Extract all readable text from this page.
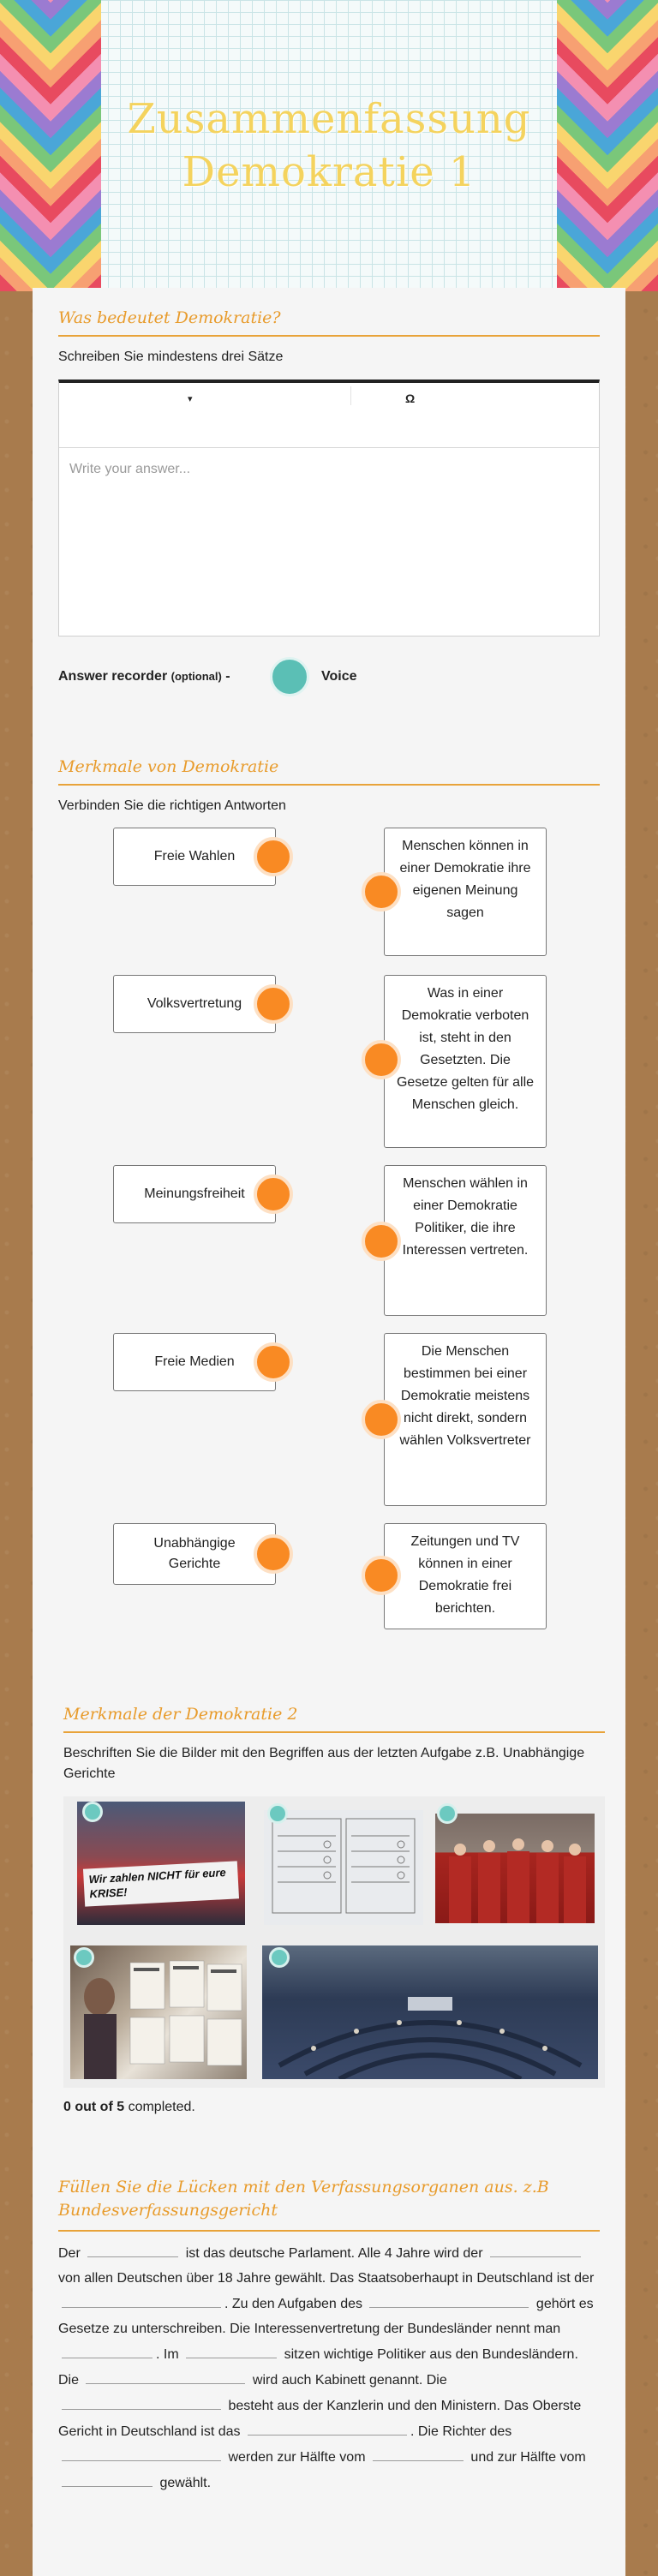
Zusammenfassung Demokratie 1
Was bedeutet Demokratie?
Schreiben Sie mindestens drei Sätze
▾	Ω
Write your answer...
Answer recorder (optional) -	Voice
Merkmale von Demokratie
Verbinden Sie die richtigen Antworten
Freie Wahlen
Menschen können in einer Demokratie ihre eigenen Meinung sagen
Volksvertretung
Was in einer Demokratie verboten ist, steht in den Gesetzten. Die Gesetze gelten für alle Menschen gleich.
Meinungsfreiheit
Menschen wählen in einer Demokratie Politiker, die ihre Interessen vertreten.
Freie Medien
Die Menschen bestimmen bei einer Demokratie meistens nicht direkt, sondern wählen Volksvertreter
Unabhängige Gerichte
Zeitungen und TV können in einer Demokratie frei berichten.
Merkmale der Demokratie 2
Beschriften Sie die Bilder mit den Begriffen aus der letzten Aufgabe z.B. Unabhängige Gerichte
Wir zahlen NICHT für eure KRISE!
0 out of 5 completed.
Füllen Sie die Lücken mit den Verfassungsorganen aus. z.B Bundesverfassungsgericht
Der	ist das deutsche Parlament. Alle 4 Jahre wird der  von allen Deutschen über 18 Jahre gewählt. Das Staatsoberhaupt in Deutschland ist der . Zu den Aufgaben des	gehört es Gesetze zu unterschreiben. Die Interessenvertretung der Bundesländer nennt man . Im	sitzen wichtige Politiker aus den Bundesländern. Die	wird auch Kabinett genannt. Die  besteht aus der Kanzlerin und den Ministern. Das Oberste Gericht in Deutschland ist das	. Die Richter des  werden zur Hälfte vom	und zur Hälfte vom  gewählt.
